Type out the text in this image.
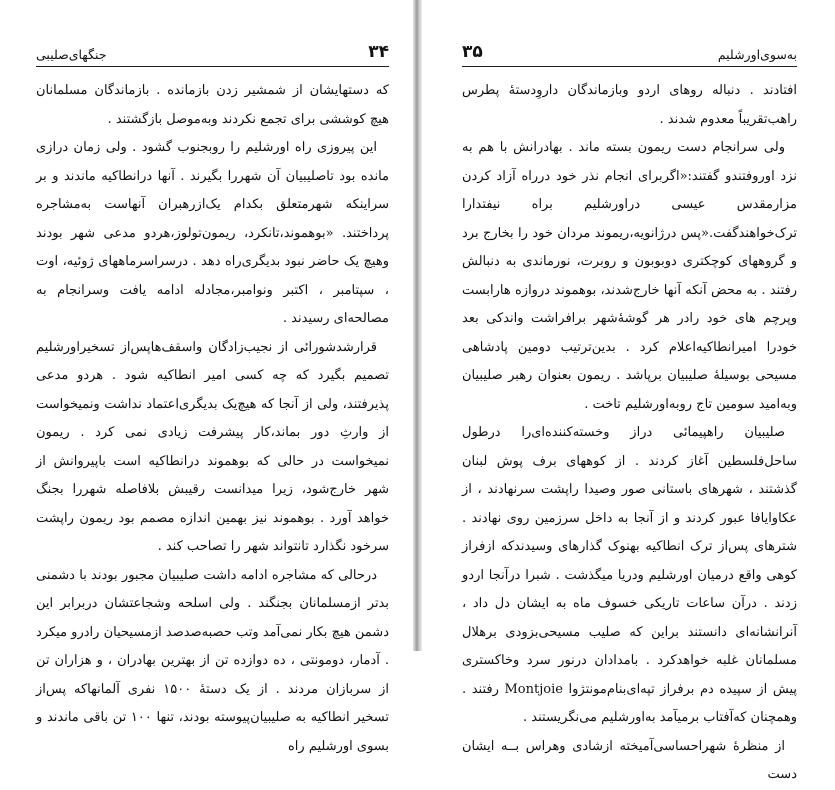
۳۴
جنگهای‌صلیبی

که دستهایشان از شمشیر زدن بازمانده . بازماندگان مسلمانان هیچ کوششی برای تجمع نکردند وبه‌موصل بازگشتند .

این پیروزی راه اورشلیم را روبجنوب گشود . ولی زمان درازی مانده بود تاصلیبیان آن شهررا بگیرند . آنها درانطاکیه ماندند و بر سراینکه شهرمتعلق بکدام یک‌ازرهبران آنهاست به‌مشاجره پرداختند. «بوهموند،تانکرد، ریمون‌تولوز،هردو مدعی شهر بودند وهیچ یک حاضر نبود بدیگری‌راه دهد . درسراسرماههای ژوئیه، اوت ، سپتامبر ، اکتبر ونوامبر،مجادله ادامه یافت وسرانجام به مصالحه‌ای رسیدند .

قرارشدشورائی از نجیب‌زادگان واسقف‌هاپس‌از تسخیراورشلیم تصمیم بگیرد که چه کسی امیر انطاکیه شود . هردو مدعی پذیرفتند، ولی از آنجا که هیچ‌یک بدیگری‌اعتماد نداشت ونمیخواست از وارثِ دور بماند،کار پیشرفت زیادی نمی کرد . ریمون نمیخواست در حالی که بوهموند درانطاکیه است باپیروانش از شهر خارج‌شود، زیرا میدانست رقیبش بلافاصله شهررا بجنگ خواهد آورد . بوهموند نیز بهمین اندازه مصمم بود ریمون راپشت سرخود نگذارد تانتواند شهر را تصاحب کند .

درحالی که مشاجره ادامه داشت صلیبیان مجبور بودند با دشمنی بدتر ازمسلمانان بجنگند . ولی اسلحه وشجاعتشان دربرابر این دشمن هیچ بکار نمی‌آمد وتب حصبه‌صدصد ازمسیحیان رادرو میکرد . آدمار، دومونتی ، ده دوازده تن از بهترین بهادران ، و هزاران تن از سربازان مردند . از یک دستهٔ ۱۵۰۰ نفری آلمانها‌که پس‌از تسخیر انطاکیه به صلیبیان‌پیوسته بودند، تنها ۱۰۰ تن باقی ماندند و بسوی اورشلیم راه

به‌سوی‌اورشلیم
۳۵

افتادند . دنباله روهای اردو وبازماندگان داروِدستهٔ پطرس راهب‌تقریباً معدوم شدند .

ولی سرانجام دست ریمون بسته ماند . بهادرانش با هم به نزد اوروفتندو گفتند:«اگربرای انجام نذر خود درراه آزاد کردن مزارمقدس عیسی دراورشلیم براه نیفتدارا ترک‌خواهندگفت.«پس درژانویه،ریموند مردان خود را بخارج برد و گروههای کوچکتری دوبوبون و روبرت، نورماندی به دنبالش رفتند . به محض آنکه آنها خارج‌شدند، بوهموند دروازه هارابست وپرچم های خود رادر هر گوشهٔ‌شهر برافراشت واندکی بعد خودرا امیرانطاکیه‌اعلام کرد . بدین‌ترتیب دومین پادشاهی مسیحی بوسیلهٔ صلیبیان برپاشد . ریمون بعنوان رهبر صلیبیان وبه‌امید سومین تاج روبه‌اورشلیم تاخت .

صلیبیان راهپیمائی دراز وخسته‌کننده‌ای‌را درطول ساحل‌فلسطین آغاز کردند . از کوههای برف پوش لبنان گذشتند ، شهرهای باستانی صور وصیدا راپشت سرنهادند ، از عکاوایافا عبور کردند و از آنجا به داخل سرزمین روی نهادند . شترهای پس‌از ترک انطاکیه بهنوک گذارهای وسیدندکه ازفراز کوهی واقع درمیان اورشلیم ودریا میگذشت . شبرا درآنجا اردو زدند . درآن ساعات تاریکی خسوف ماه به ایشان دل داد ، آنرانشانه‌ای دانستند براین که صلیب مسیحی‌بزودی برهلال مسلمانان غلبه خواهدکرد . بامدادان درنور سرد وخاکستری پیش از سپیده دم برفراز تپه‌ای‌بنام‌مونتژوا Montjoie رفتند . وهمچنان که‌آفتاب برمیآمد به‌اورشلیم می‌نگریستند .

از منظرهٔ شهراحساسی‌آمیخته ازشادی وهراس بــه ایشان دست
